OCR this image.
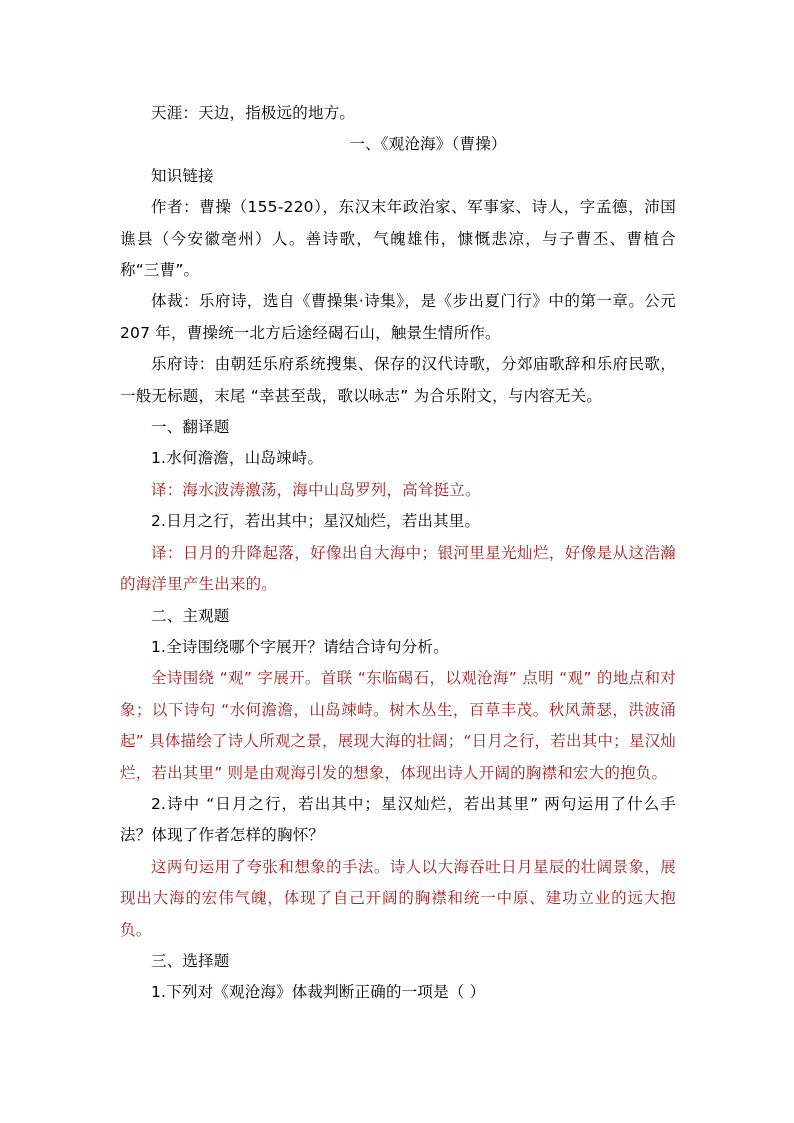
天涯：天边，指极远的地方。

一、《观沧海》（曹操）

知识链接

作者：曹操（155-220），东汉末年政治家、军事家、诗人，字孟德，沛国谯县（今安徽亳州）人。善诗歌，气魄雄伟，慷慨悲凉，与子曹丕、曹植合称“三曹”。

体裁：乐府诗，选自《曹操集·诗集》，是《步出夏门行》中的第一章。公元 207 年，曹操统一北方后途经碣石山，触景生情所作。

乐府诗：由朝廷乐府系统搜集、保存的汉代诗歌，分郊庙歌辞和乐府民歌，一般无标题，末尾 “幸甚至哉，歌以咏志” 为合乐附文，与内容无关。

一、翻译题

1.水何澹澹，山岛竦峙。

译：海水波涛激荡，海中山岛罗列，高耸挺立。

2.日月之行，若出其中；星汉灿烂，若出其里。

译：日月的升降起落，好像出自大海中；银河里星光灿烂，好像是从这浩瀚的海洋里产生出来的。

二、主观题

1.全诗围绕哪个字展开？请结合诗句分析。

全诗围绕 “观” 字展开。首联 “东临碣石，以观沧海” 点明 “观” 的地点和对象；以下诗句 “水何澹澹，山岛竦峙。树木丛生，百草丰茂。秋风萧瑟，洪波涌起” 具体描绘了诗人所观之景，展现大海的壮阔；“日月之行，若出其中；星汉灿烂，若出其里” 则是由观海引发的想象，体现出诗人开阔的胸襟和宏大的抱负。

2.诗中 “日月之行，若出其中；星汉灿烂，若出其里” 两句运用了什么手法？体现了作者怎样的胸怀？

这两句运用了夸张和想象的手法。诗人以大海吞吐日月星辰的壮阔景象，展现出大海的宏伟气魄，体现了自己开阔的胸襟和统一中原、建功立业的远大抱负。

三、选择题

1.下列对《观沧海》体裁判断正确的一项是（ ）
